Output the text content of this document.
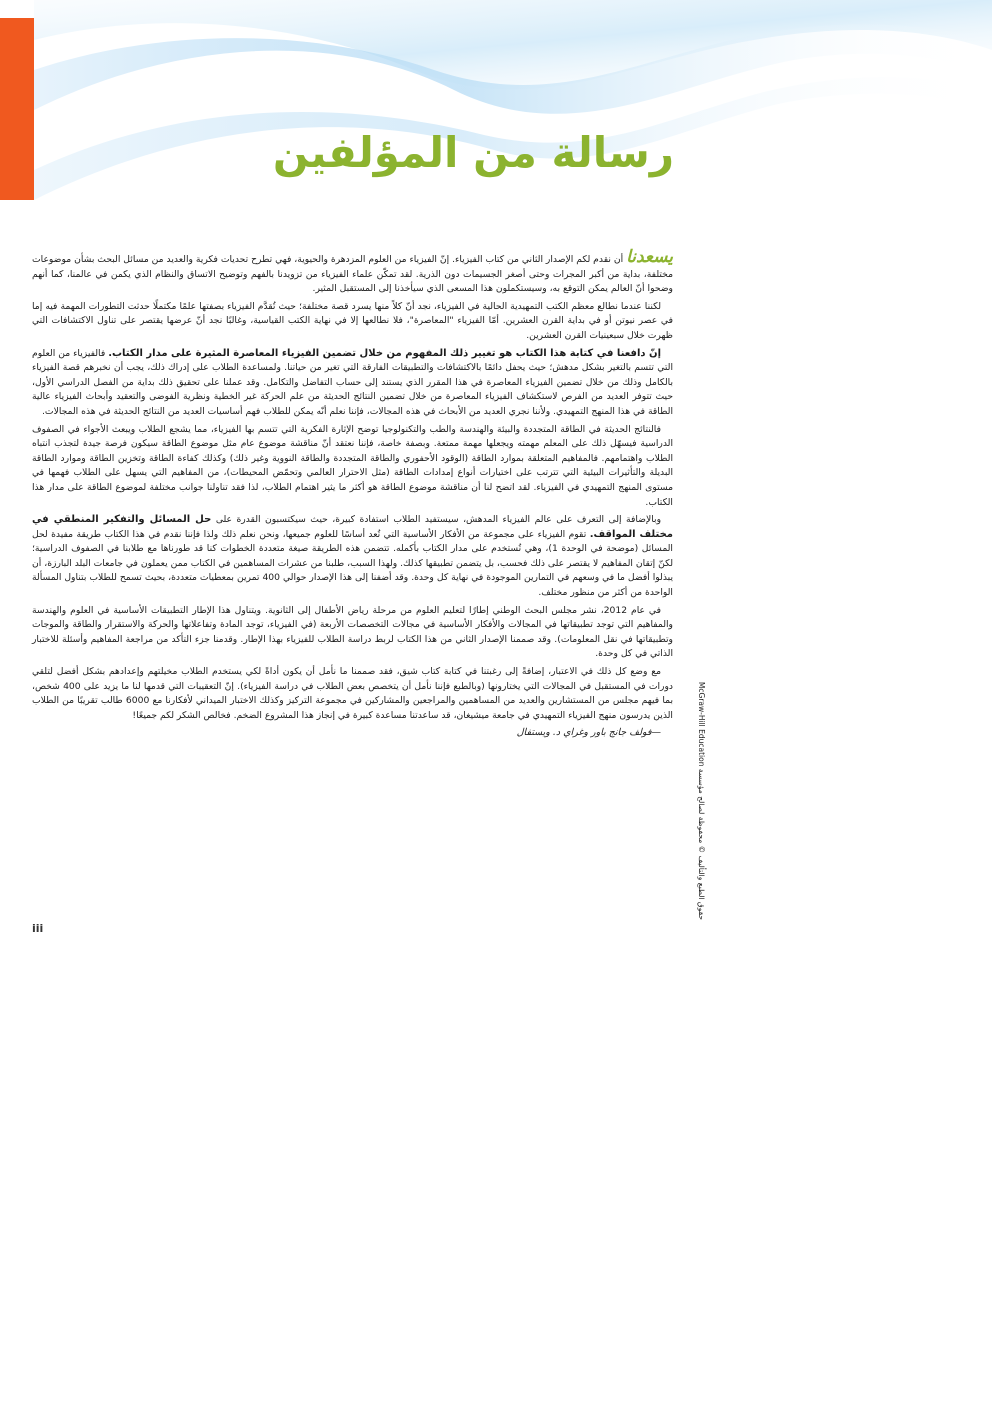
رسالة من المؤلفين

يسعدنا أن نقدم لكم الإصدار الثاني من كتاب الفيزياء. إنّ الفيزياء من العلوم المزدهرة والحيوية، فهي تطرح تحديات فكرية والعديد من مسائل البحث بشأن موضوعات مختلفة، بداية من أكبر المجرات وحتى أصغر الجسيمات دون الذرية. لقد تمكّن علماء الفيزياء من تزويدنا بالفهم وتوضيح الاتساق والنظام الذي يكمن في عالمنا، كما أنهم وضحوا أنّ العالم يمكن التوقع به، وسيستكملون هذا المسعى الذي سيأخذنا إلى المستقبل المثير.

لكننا عندما نطالع معظم الكتب التمهيدية الحالية في الفيزياء، نجد أنّ كلاً منها يسرد قصة مختلفة؛ حيث تُقدَّم الفيزياء بصفتها علمًا مكتملًا حدثت التطورات المهمة فيه إما في عصر نيوتن أو في بداية القرن العشرين. أمّا الفيزياء "المعاصرة"، فلا نطالعها إلا في نهاية الكتب القياسية، وغالبًا نجد أنّ عرضها يقتصر على تناول الاكتشافات التي ظهرت خلال سبعينيات القرن العشرين.

إنّ دافعنا في كتابة هذا الكتاب هو تغيير ذلك المفهوم من خلال تضمين الفيزياء المعاصرة المثيرة على مدار الكتاب. فالفيزياء من العلوم التي تتسم بالتغير بشكل مدهش؛ حيث يحفل دائمًا بالاكتشافات والتطبيقات الفارقة التي تغير من حياتنا. ولمساعدة الطلاب على إدراك ذلك، يجب أن نخبرهم قصة الفيزياء بالكامل وذلك من خلال تضمين الفيزياء المعاصرة في هذا المقرر الذي يستند إلى حساب التفاضل والتكامل. وقد عملنا على تحقيق ذلك بداية من الفصل الدراسي الأول، حيث تتوفر العديد من الفرص لاستكشاف الفيزياء المعاصرة من خلال تضمين النتائج الحديثة من علم الحركة غير الخطية ونظرية الفوضى والتعقيد وأبحاث الفيزياء عالية الطاقة في هذا المنهج التمهيدي. ولأننا نجري العديد من الأبحاث في هذه المجالات، فإننا نعلم أنّه يمكن للطلاب فهم أساسيات العديد من النتائج الحديثة في هذه المجالات.

فالنتائج الحديثة في الطاقة المتجددة والبيئة والهندسة والطب والتكنولوجيا توضح الإثارة الفكرية التي تتسم بها الفيزياء، مما يشجع الطلاب ويبعث الأجواء في الصفوف الدراسية فيسهّل ذلك على المعلم مهمته ويجعلها مهمة ممتعة. وبصفة خاصة، فإننا نعتقد أنّ مناقشة موضوع عام مثل موضوع الطاقة سيكون فرصة جيدة لتجذب انتباه الطلاب واهتمامهم. فالمفاهيم المتعلقة بموارد الطاقة (الوقود الأحفوري والطاقة المتجددة والطاقة النووية وغير ذلك) وكذلك كفاءة الطاقة وتخزين الطاقة وموارد الطاقة البديلة والتأثيرات البيئية التي تترتب على اختيارات أنواع إمدادات الطاقة (مثل الاحترار العالمي وتحمّض المحيطات)، من المفاهيم التي يسهل على الطلاب فهمها في مستوى المنهج التمهيدي في الفيزياء. لقد اتضح لنا أن مناقشة موضوع الطاقة هو أكثر ما يثير اهتمام الطلاب، لذا فقد تناولنا جوانب مختلفة لموضوع الطاقة على مدار هذا الكتاب.

وبالإضافة إلى التعرف على عالم الفيزياء المدهش، سيستفيد الطلاب استفادة كبيرة، حيث سيكتسبون القدرة على حل المسائل والتفكير المنطقي في مختلف المواقف. تقوم الفيزياء على مجموعة من الأفكار الأساسية التي تُعد أساسًا للعلوم جميعها، ونحن نعلم ذلك ولذا فإننا نقدم في هذا الكتاب طريقة مفيدة لحل المسائل (موضحة في الوحدة 1)، وهي تُستخدم على مدار الكتاب بأكمله. تتضمن هذه الطريقة صيغة متعددة الخطوات كنا قد طورناها مع طلابنا في الصفوف الدراسية؛ لكنّ إتقان المفاهيم لا يقتصر على ذلك فحسب، بل يتضمن تطبيقها كذلك. ولهذا السبب، طلبنا من عشرات المساهمين في الكتاب ممن يعملون في جامعات البلد البارزة، أن يبذلوا أفضل ما في وسعهم في التمارين الموجودة في نهاية كل وحدة. وقد أضفنا إلى هذا الإصدار حوالي 400 تمرين بمعطيات متعددة، بحيث تسمح للطلاب بتناول المسألة الواحدة من أكثر من منظور مختلف.

في عام 2012، نشر مجلس البحث الوطني إطارًا لتعليم العلوم من مرحلة رياض الأطفال إلى الثانوية. ويتناول هذا الإطار التطبيقات الأساسية في العلوم والهندسة والمفاهيم التي توجد تطبيقاتها في المجالات والأفكار الأساسية في مجالات التخصصات الأربعة (في الفيزياء، توجد المادة وتفاعلاتها والحركة والاستقرار والطاقة والموجات وتطبيقاتها في نقل المعلومات). وقد صممنا الإصدار الثاني من هذا الكتاب لربط دراسة الطلاب للفيزياء بهذا الإطار. وقدمنا جزء التأكد من مراجعة المفاهيم وأسئلة للاختبار الذاتي في كل وحدة.

مع وضع كل ذلك في الاعتبار، إضافةً إلى رغبتنا في كتابة كتاب شيق، فقد صممنا ما نأمل أن يكون أداةً لكي يستخدم الطلاب مخيلتهم وإعدادهم بشكل أفضل لتلقي دورات في المستقبل في المجالات التي يختارونها (وبالطبع فإننا نأمل أن يتخصص بعض الطلاب في دراسة الفيزياء). إنّ التعقيبات التي قدمها لنا ما يزيد على 400 شخص، بما فيهم مجلس من المستشارين والعديد من المساهمين والمراجعين والمشاركين في مجموعة التركيز وكذلك الاختبار الميداني لأفكارنا مع 6000 طالب تقريبًا من الطلاب الذين يدرسون منهج الفيزياء التمهيدي في جامعة ميشيغان، قد ساعدتنا مساعدة كبيرة في إنجاز هذا المشروع الضخم. فخالص الشكر لكم جميعًا!

—فولف جانج باور وغراي د. ويستفال	حقوق الطبع والتأليف © محفوظة لصالح مؤسسة McGraw-Hill Education
iii
